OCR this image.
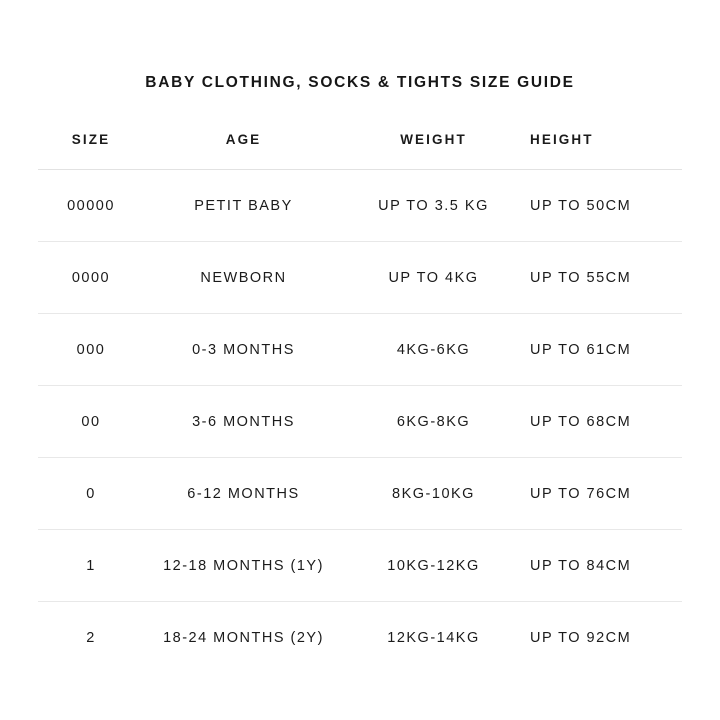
BABY CLOTHING, SOCKS & TIGHTS SIZE GUIDE
SIZE	AGE	WEIGHT	HEIGHT
00000	PETIT BABY	UP TO 3.5 KG	UP TO 50CM
0000	NEWBORN	UP TO 4KG	UP TO 55CM
000	0-3 MONTHS	4KG-6KG	UP TO 61CM
00	3-6 MONTHS	6KG-8KG	UP TO 68CM
0	6-12 MONTHS	8KG-10KG	UP TO 76CM
1	12-18 MONTHS (1Y)	10KG-12KG	UP TO 84CM
2	18-24 MONTHS (2Y)	12KG-14KG	UP TO 92CM
